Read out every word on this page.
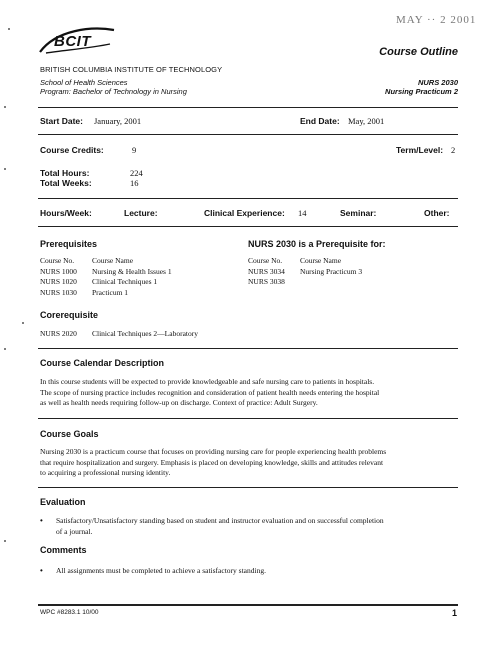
MAY ·· 2 2001
BCIT
BRITISH COLUMBIA INSTITUTE OF TECHNOLOGY
School of Health Sciences
Program: Bachelor of Technology in Nursing
Course Outline
NURS 2030
Nursing Practicum 2
Start Date: January, 2001	End Date: May, 2001
Course Credits:	9	Term/Level: 2
Total Hours:	224
Total Weeks:	16
Hours/Week:	Lecture:	Clinical Experience: 14	Seminar:	Other:
Prerequisites
Course No. Course Name
NURS 1000 Nursing & Health Issues 1
NURS 1020 Clinical Techniques 1
NURS 1030 Practicum 1
NURS 2030 is a Prerequisite for:
Course No. Course Name
NURS 3034 Nursing Practicum 3
NURS 3038
Corerequisite
NURS 2020 Clinical Techniques 2—Laboratory
Course Calendar Description
In this course students will be expected to provide knowledgeable and safe nursing care to patients in hospitals.
The scope of nursing practice includes recognition and consideration of patient health needs entering the hospital
as well as health needs requiring follow-up on discharge. Context of practice: Adult Surgery.
Course Goals
Nursing 2030 is a practicum course that focuses on providing nursing care for people experiencing health problems
that require hospitalization and surgery. Emphasis is placed on developing knowledge, skills and attitudes relevant
to acquiring a professional nursing identity.
Evaluation
• Satisfactory/Unsatisfactory standing based on student and instructor evaluation and on successful completion
of a journal.
Comments
• All assignments must be completed to achieve a satisfactory standing.
WPC #8283.1 10/00	1
